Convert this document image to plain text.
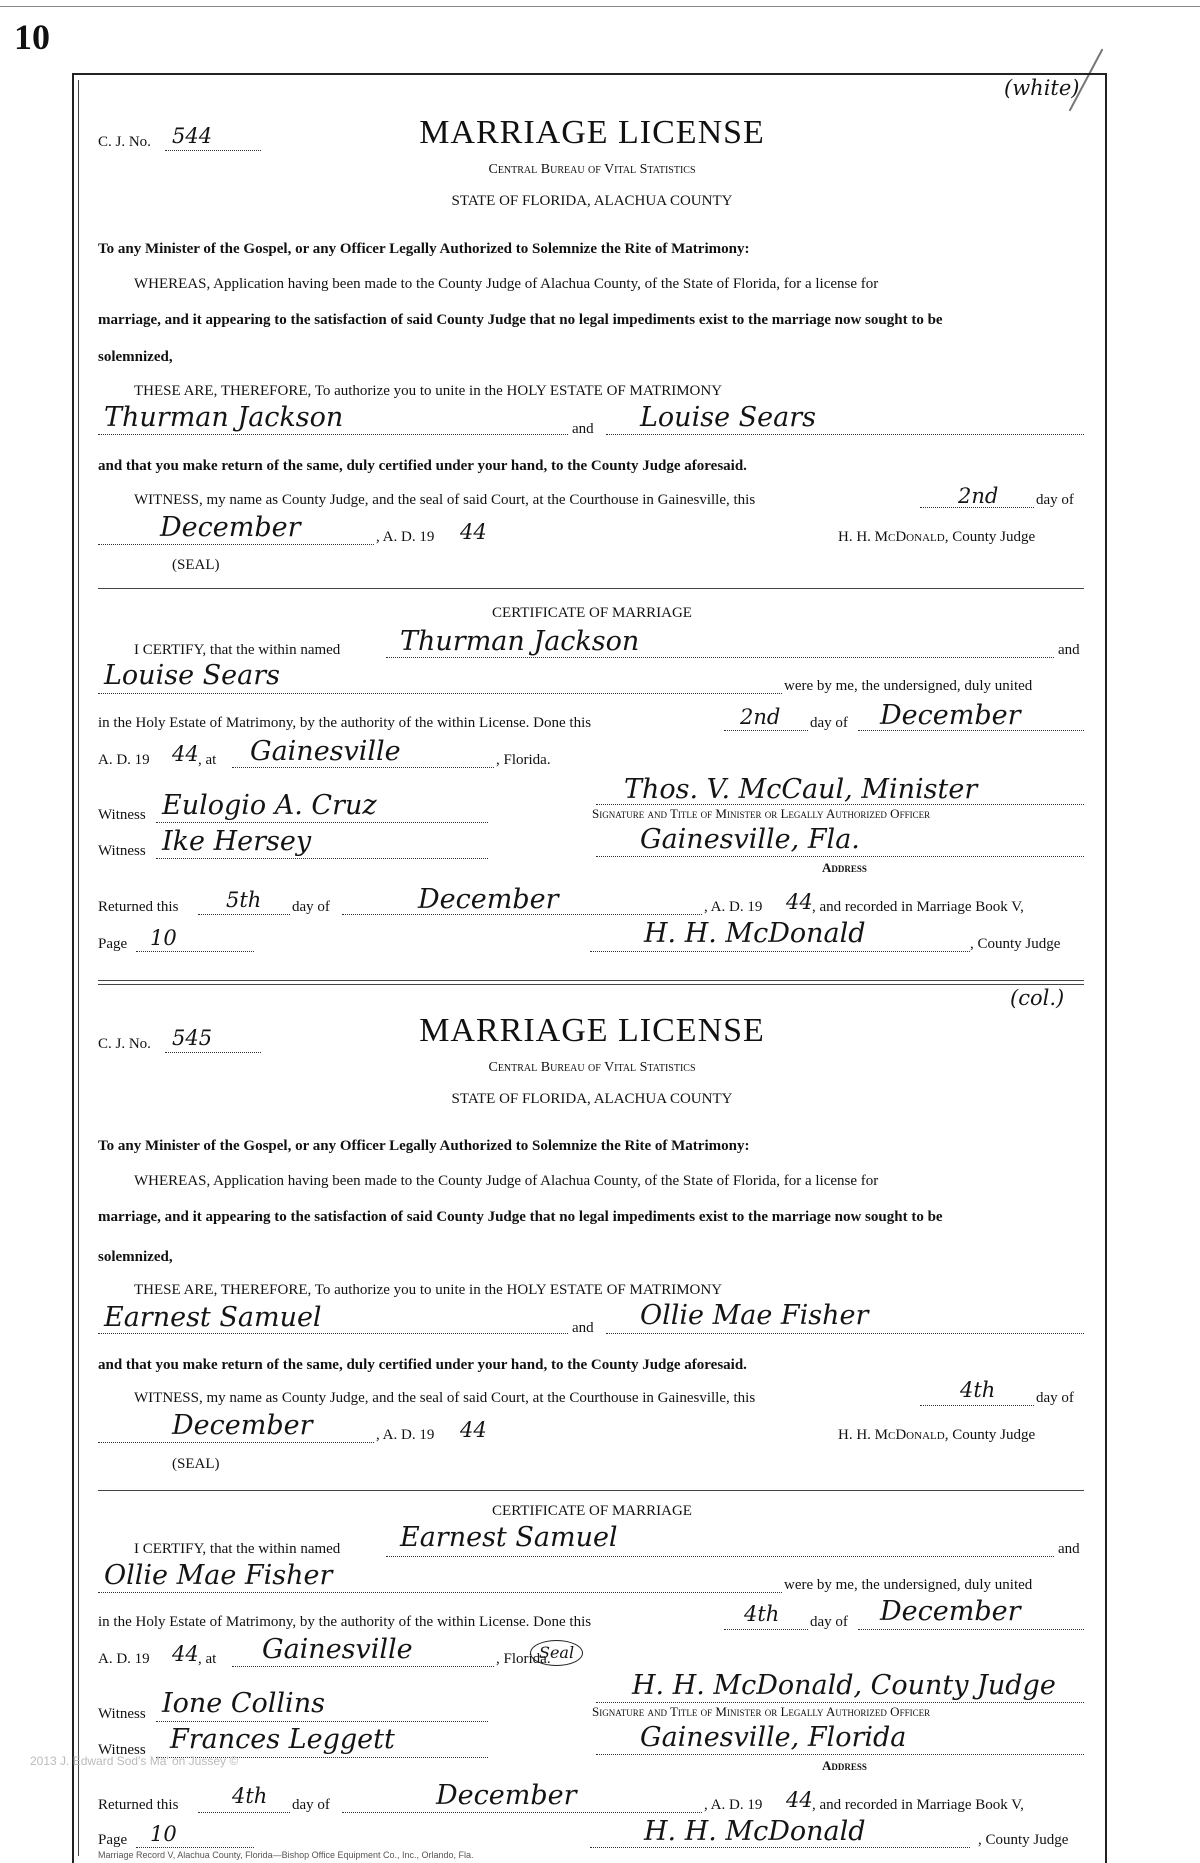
10
(white)
C. J. No. 544	MARRIAGE LICENSE
Central Bureau of Vital Statistics
STATE OF FLORIDA, ALACHUA COUNTY
To any Minister of the Gospel, or any Officer Legally Authorized to Solemnize the Rite of Matrimony:
WHEREAS, Application having been made to the County Judge of Alachua County, of the State of Florida, for a license for
marriage, and it appearing to the satisfaction of said County Judge that no legal impediments exist to the marriage now sought to be
solemnized,
THESE ARE, THEREFORE, To authorize you to unite in the HOLY ESTATE OF MATRIMONY
Thurman Jackson	and Louise Sears
and that you make return of the same, duly certified under your hand, to the County Judge aforesaid.
WITNESS, my name as County Judge, and the seal of said Court, at the Courthouse in Gainesville, this	2nd	day of
December	, A. D. 19 44	H. H. McDonald, County Judge
(SEAL)
CERTIFICATE OF MARRIAGE
I CERTIFY, that the within named Thurman Jackson	and
Louise Sears	were by me, the undersigned, duly united
in the Holy Estate of Matrimony, by the authority of the within License. Done this	2nd day of December
A. D. 19 44 , at Gainesville	, Florida.
Thos. V. McCaul, Minister
Signature and Title of Minister or Legally Authorized Officer
Witness Eulogio A. Cruz
Witness Ike Hersey	Gainesville, Fla.
Address
Returned this 5th day of	December	, A. D. 19 44 , and recorded in Marriage Book V,
Page 10	H. H. McDonald	, County Judge
(col.)
C. J. No. 545	MARRIAGE LICENSE
Central Bureau of Vital Statistics
STATE OF FLORIDA, ALACHUA COUNTY
To any Minister of the Gospel, or any Officer Legally Authorized to Solemnize the Rite of Matrimony:
WHEREAS, Application having been made to the County Judge of Alachua County, of the State of Florida, for a license for
marriage, and it appearing to the satisfaction of said County Judge that no legal impediments exist to the marriage now sought to be
solemnized,
THESE ARE, THEREFORE, To authorize you to unite in the HOLY ESTATE OF MATRIMONY
Earnest Samuel	and Ollie Mae Fisher
and that you make return of the same, duly certified under your hand, to the County Judge aforesaid.
WITNESS, my name as County Judge, and the seal of said Court, at the Courthouse in Gainesville, this	4th	day of
December	, A. D. 19 44	H. H. McDonald, County Judge
(SEAL)
CERTIFICATE OF MARRIAGE
I CERTIFY, that the within named Earnest Samuel	and
Ollie Mae Fisher	were by me, the undersigned, duly united
in the Holy Estate of Matrimony, by the authority of the within License. Done this	4th day of December
A. D. 19 44 , at Gainesville	, Florida.
Seal
H. H. McDonald, County Judge
Signature and Title of Minister or Legally Authorized Officer
Witness Ione Collins
Witness Frances Leggett	Gainesville, Florida
Address
Returned this	4th day of	December	, A. D. 19 44 , and recorded in Marriage Book V,
Page 10	H. H. McDonald	, County Judge
2013 J. Edward Sod's Ma' on Jussey ©
Marriage Record V, Alachua County, Florida—Bishop Office Equipment Co., Inc., Orlando, Fla.
